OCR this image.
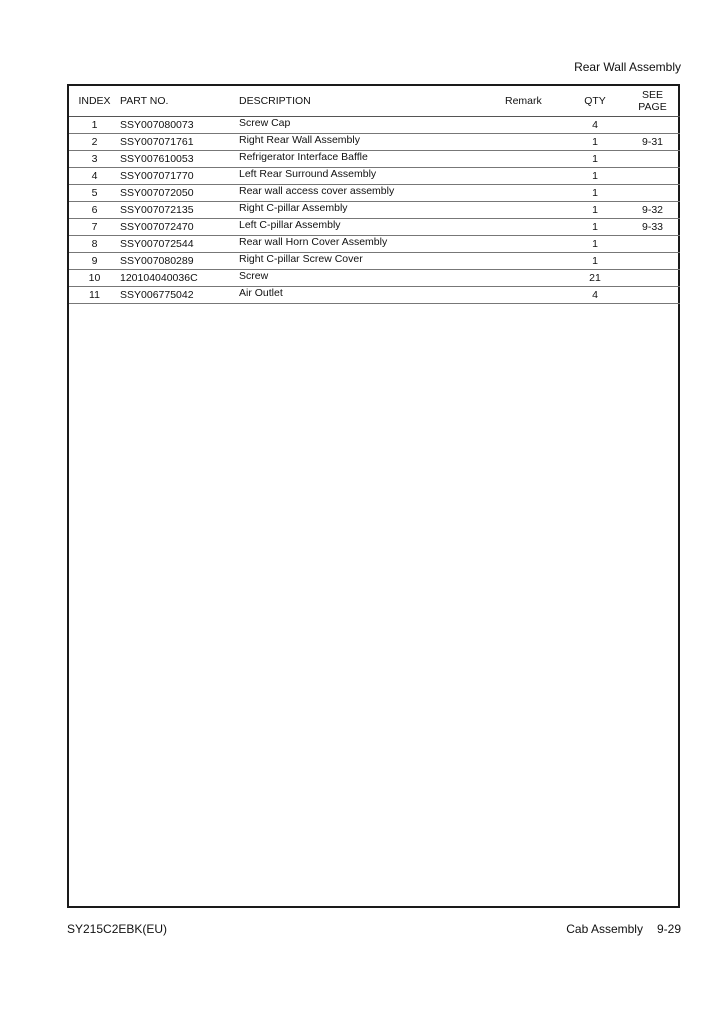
Rear Wall Assembly
INDEX	PART NO.	DESCRIPTION	Remark	QTY	SEE
PAGE
1	SSY007080073	Screw Cap		4	
2	SSY007071761	Right Rear Wall Assembly		1	9-31
3	SSY007610053	Refrigerator Interface Baffle		1	
4	SSY007071770	Left Rear Surround Assembly		1	
5	SSY007072050	Rear wall access cover assembly		1	
6	SSY007072135	Right C-pillar Assembly		1	9-32
7	SSY007072470	Left C-pillar Assembly		1	9-33
8	SSY007072544	Rear wall Horn Cover Assembly		1	
9	SSY007080289	Right C-pillar Screw Cover		1	
10	120104040036C	Screw		21	
11	SSY006775042	Air Outlet		4	
SY215C2EBK(EU)	Cab Assembly 9-29
